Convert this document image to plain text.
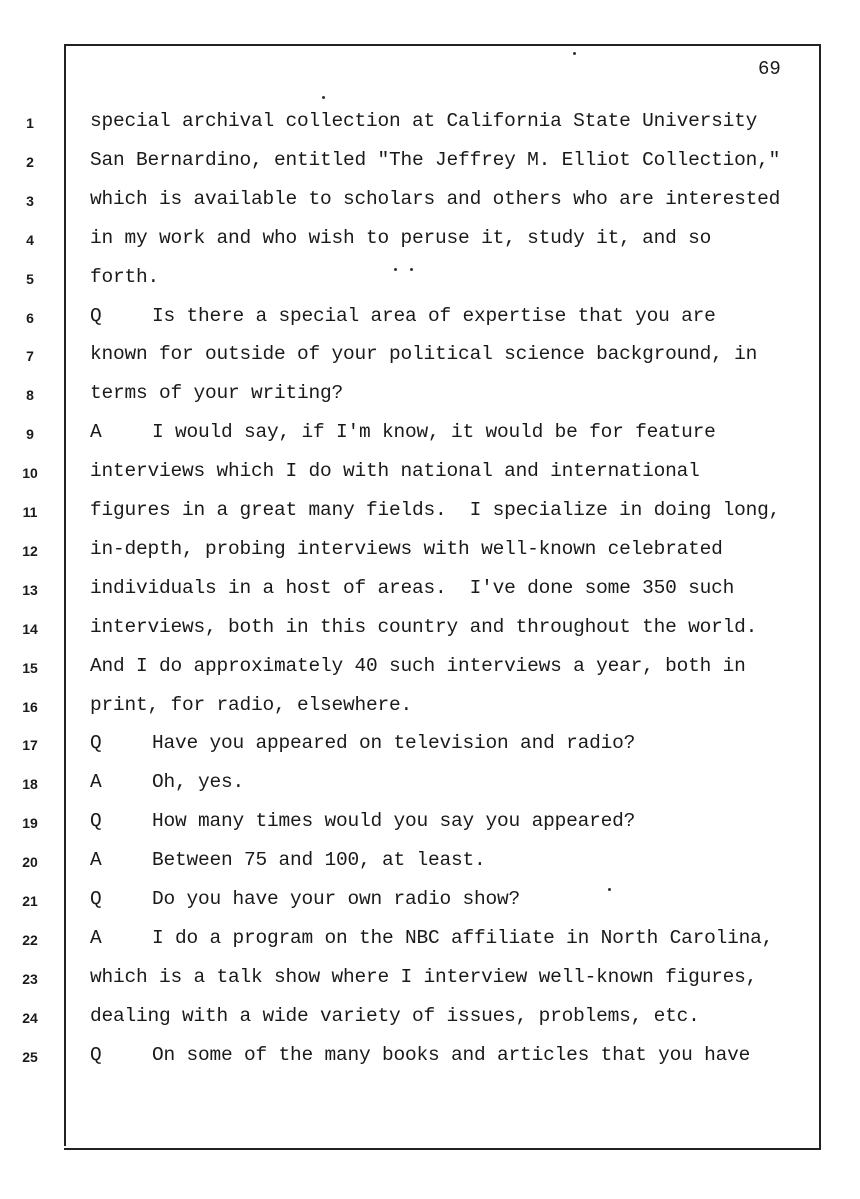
69
1	special archival collection at California State University
2	San Bernardino, entitled "The Jeffrey M. Elliot Collection,"
3	which is available to scholars and others who are interested
4	in my work and who wish to peruse it, study it, and so
5	forth.
6	Q	Is there a special area of expertise that you are
7	known for outside of your political science background, in
8	terms of your writing?
9	A	I would say, if I'm know, it would be for feature
10	interviews which I do with national and international
11	figures in a great many fields.  I specialize in doing long,
12	in-depth, probing interviews with well-known celebrated
13	individuals in a host of areas.  I've done some 350 such
14	interviews, both in this country and throughout the world.
15	And I do approximately 40 such interviews a year, both in
16	print, for radio, elsewhere.
17	Q	Have you appeared on television and radio?
18	A	Oh, yes.
19	Q	How many times would you say you appeared?
20	A	Between 75 and 100, at least.
21	Q	Do you have your own radio show?
22	A	I do a program on the NBC affiliate in North Carolina,
23	which is a talk show where I interview well-known figures,
24	dealing with a wide variety of issues, problems, etc.
25	Q	On some of the many books and articles that you have
